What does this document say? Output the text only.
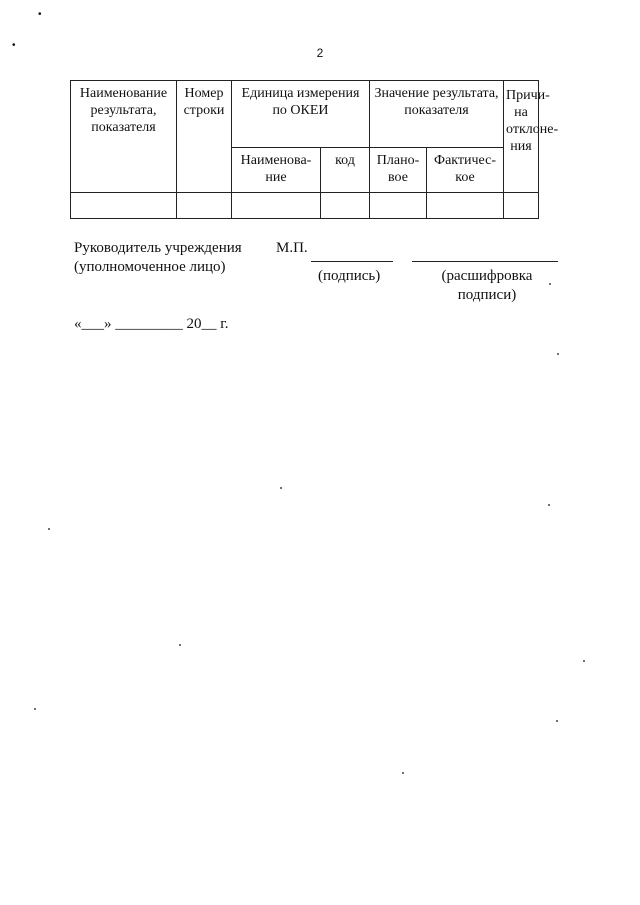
•
•
2
Наименование результата, показателя	Номер строки	Единица измерения по ОКЕИ		Значение результата, показателя		Причи-на отклоне-ния
		Наименова-ние	код	Плано-вое	Фактичес-кое	

Руководитель учреждения
(уполномоченное лицо)
М.П.
(подпись)	(расшифровка подписи)
«___» _________ 20__ г.
